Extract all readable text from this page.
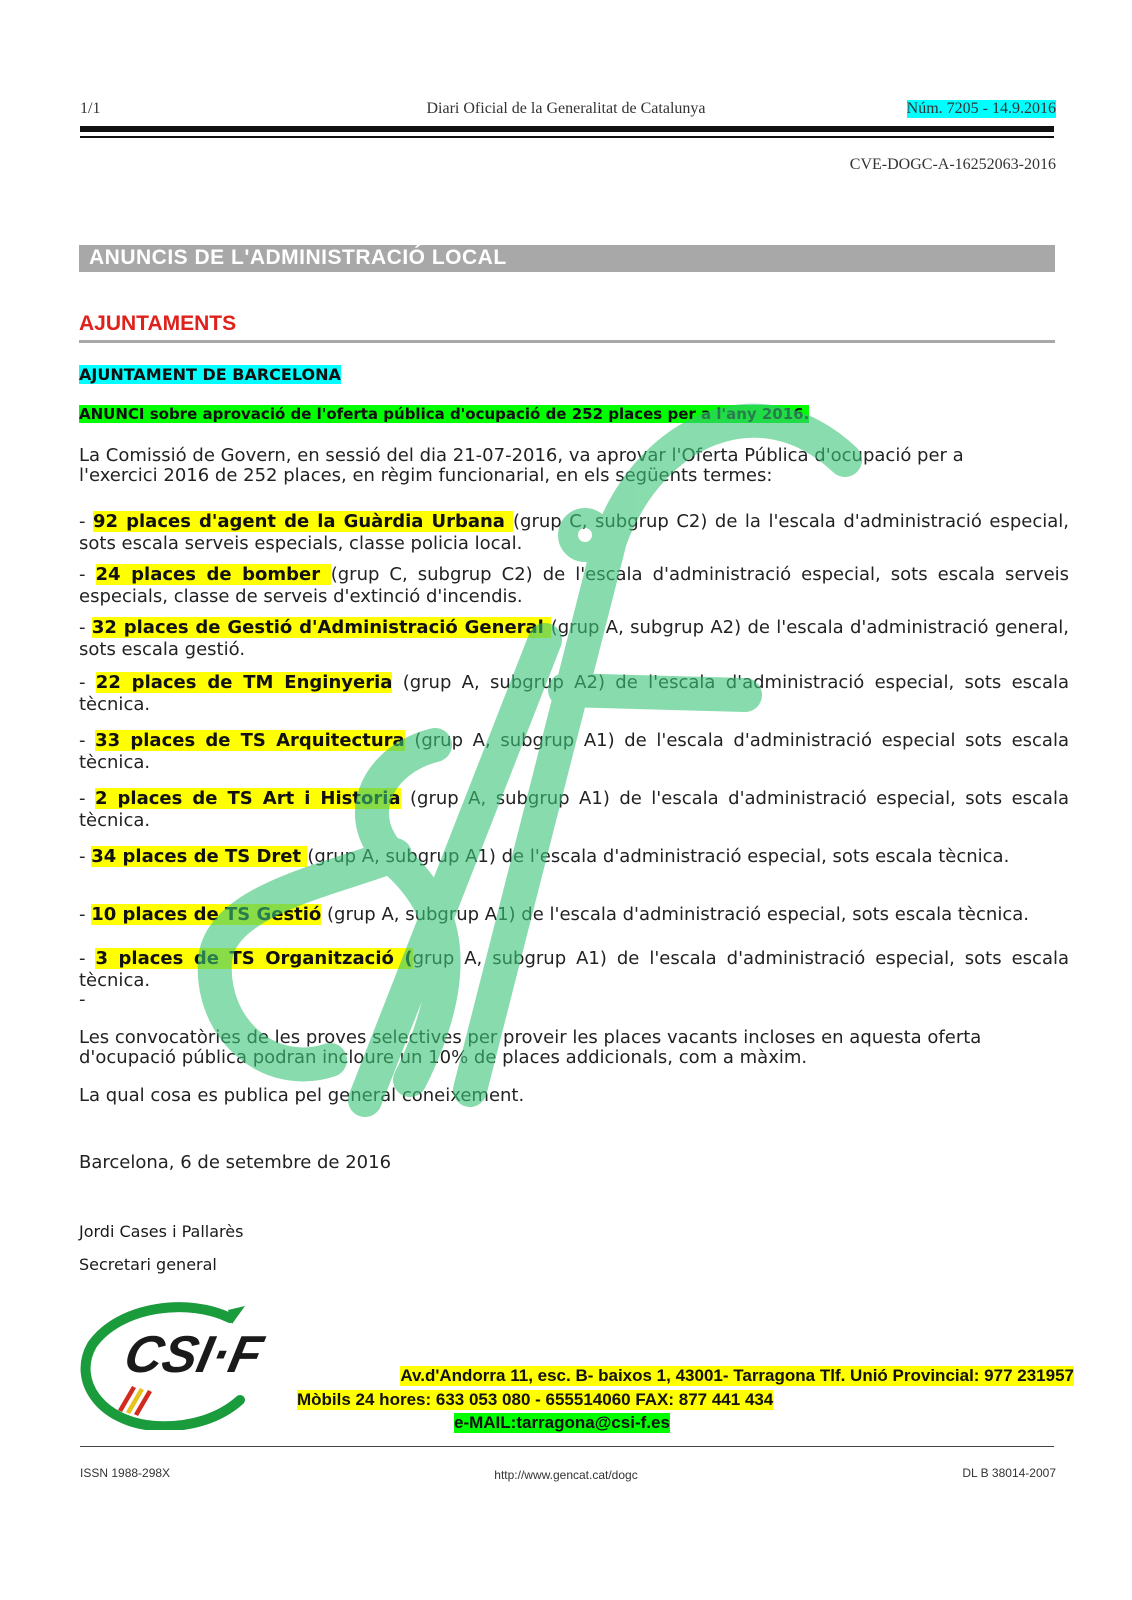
1/1	Diari Oficial de la Generalitat de Catalunya	Núm. 7205 - 14.9.2016
CVE-DOGC-A-16252063-2016
ANUNCIS DE L'ADMINISTRACIÓ LOCAL
AJUNTAMENTS
AJUNTAMENT DE BARCELONA
ANUNCI sobre aprovació de l'oferta pública d'ocupació de 252 places per a l'any 2016.
La Comissió de Govern, en sessió del dia 21-07-2016, va aprovar l'Oferta Pública d'ocupació per a l'exercici 2016 de 252 places, en règim funcionarial, en els següents termes:
- 92 places d'agent de la Guàrdia Urbana (grup C, subgrup C2) de la l'escala d'administració especial, sots escala serveis especials, classe policia local.
- 24 places de bomber (grup C, subgrup C2) de l'escala d'administració especial, sots escala serveis especials, classe de serveis d'extinció d'incendis.
- 32 places de Gestió d'Administració General (grup A, subgrup A2) de l'escala d'administració general, sots escala gestió.
- 22 places de TM Enginyeria (grup A, subgrup A2) de l'escala d'administració especial, sots escala tècnica.
- 33 places de TS Arquitectura (grup A, subgrup A1) de l'escala d'administració especial sots escala tècnica.
- 2 places de TS Art i Historia (grup A, subgrup A1) de l'escala d'administració especial, sots escala tècnica.
- 34 places de TS Dret (grup A, subgrup A1) de l'escala d'administració especial, sots escala tècnica.
- 10 places de TS Gestió (grup A, subgrup A1) de l'escala d'administració especial, sots escala tècnica.
- 3 places de TS Organització (grup A, subgrup A1) de l'escala d'administració especial, sots escala tècnica.
-
Les convocatòries de les proves selectives per proveir les places vacants incloses en aquesta oferta d'ocupació pública podran incloure un 10% de places addicionals, com a màxim.
La qual cosa es publica pel general coneixement.
Barcelona, 6 de setembre de 2016
Jordi Cases i Pallarès
Secretari general
CSI·F	Av.d'Andorra 11, esc. B- baixos 1, 43001- Tarragona Tlf. Unió Provincial: 977 231957
Mòbils 24 hores: 633 053 080 - 655514060 FAX: 877 441 434
e-MAIL:tarragona@csi-f.es
ISSN 1988-298X	http://www.gencat.cat/dogc	DL B 38014-2007
